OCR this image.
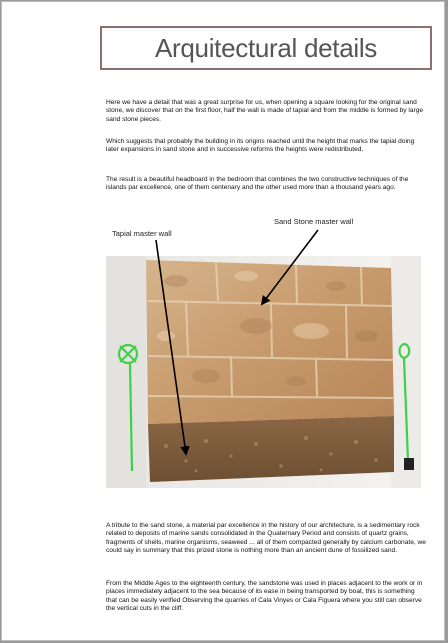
Arquitectural details

Here we have a detail that was a great surprise for us, when opening a square looking for the original sand stone, we discover that on the first floor, half the wall is made of tapial and from the middle is formed by large sand stone pieces.

Which suggests that probably the building in its origins reached until the height that marks the tapial doing later expansions in sand stone and in successive reforms the heights were redistributed.

The result is a beautiful headboard in the bedroom that combines the two constructive techniques of the islands par excellence, one of them centenary and the other used more than a thousand years ago.

Sand Stone master wall
Tapial master wall

A tribute to the sand stone, a material par excellence in the history of our architecture, is a sedimentary rock related to deposits of marine sands consolidated in the Quaternary Period and consists of quartz grains, fragments of shells, marine organisms, seaweed ... all of them compacted generally by calcium carbonate, we could say in summary that this prized stone is nothing more than an ancient dune of fossilized sand.

From the Middle Ages to the eighteenth century, the sandstone was used in places adjacent to the work or in places immediately adjacent to the sea because of its ease in being transported by boat, this is something that can be easily verified Observing the quarries of Cala Vinyes or Cala Figuera where you still can observe the vertical cuts in the cliff.
